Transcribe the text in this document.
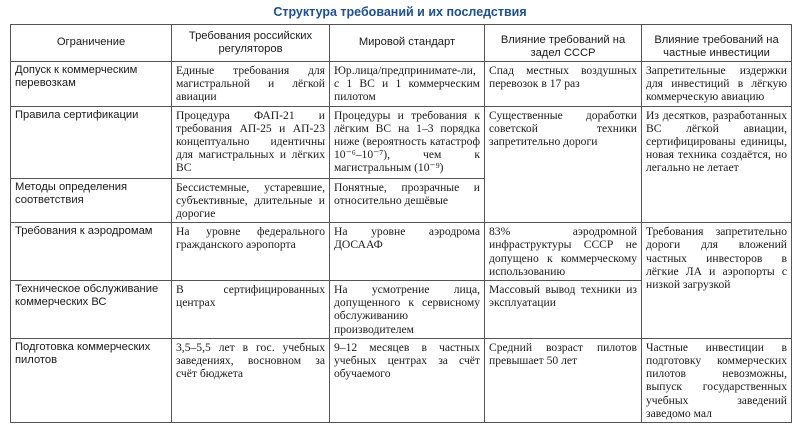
Структура требований и их последствия
Ограничение	Требования российских регуляторов	Мировой стандарт	Влияние требований на задел СССР	Влияние требований на частные инвестиции
Допуск к коммерческим перевозкам	Единые требования для магистральной и лёгкой авиации	Юр.лица/предпринимате-ли, с 1 ВС и 1 коммерческим пилотом	Спад местных воздушных перевозок в 17 раз	Запретительные издержки для инвестиций в лёгкую коммерческую авиацию
Правила сертификации	Процедура ФАП-21 и требования АП-25 и АП-23 концептуально идентичны для магистральных и лёгких ВС	Процедуры и требования к лёгким ВС на 1–3 порядка ниже (вероятность катастроф 10⁻⁶–10⁻⁷), чем к магистральным (10⁻⁹)	Существенные доработки советской техники запретительно дороги	Из десятков, разработанных ВС лёгкой авиации, сертифицированы единицы, новая техника создаётся, но легально не летает
Методы определения соответствия	Бессистемные, устаревшие, субъективные, длительные и дорогие	Понятные, прозрачные и относительно дешёвые		
Требования к аэродромам	На уровне федерального гражданского аэропорта	На уровне аэродрома ДОСААФ	83% аэродромной инфраструктуры СССР не допущено к коммерческому использованию	Требования запретительно дороги для вложений частных инвесторов в лёгкие ЛА и аэропорты с низкой загрузкой
Техническое обслуживание коммерческих ВС	В сертифицированных центрах	На усмотрение лица, допущенного к сервисному обслуживанию производителем	Массовый вывод техники из эксплуатации	
Подготовка коммерческих пилотов	3,5–5,5 лет в гос. учебных заведениях, восновном за счёт бюджета	9–12 месяцев в частных учебных центрах за счёт обучаемого	Средний возраст пилотов превышает 50 лет	Частные инвестиции в подготовку коммерческих пилотов невозможны, выпуск государственных учебных заведений заведомо мал
